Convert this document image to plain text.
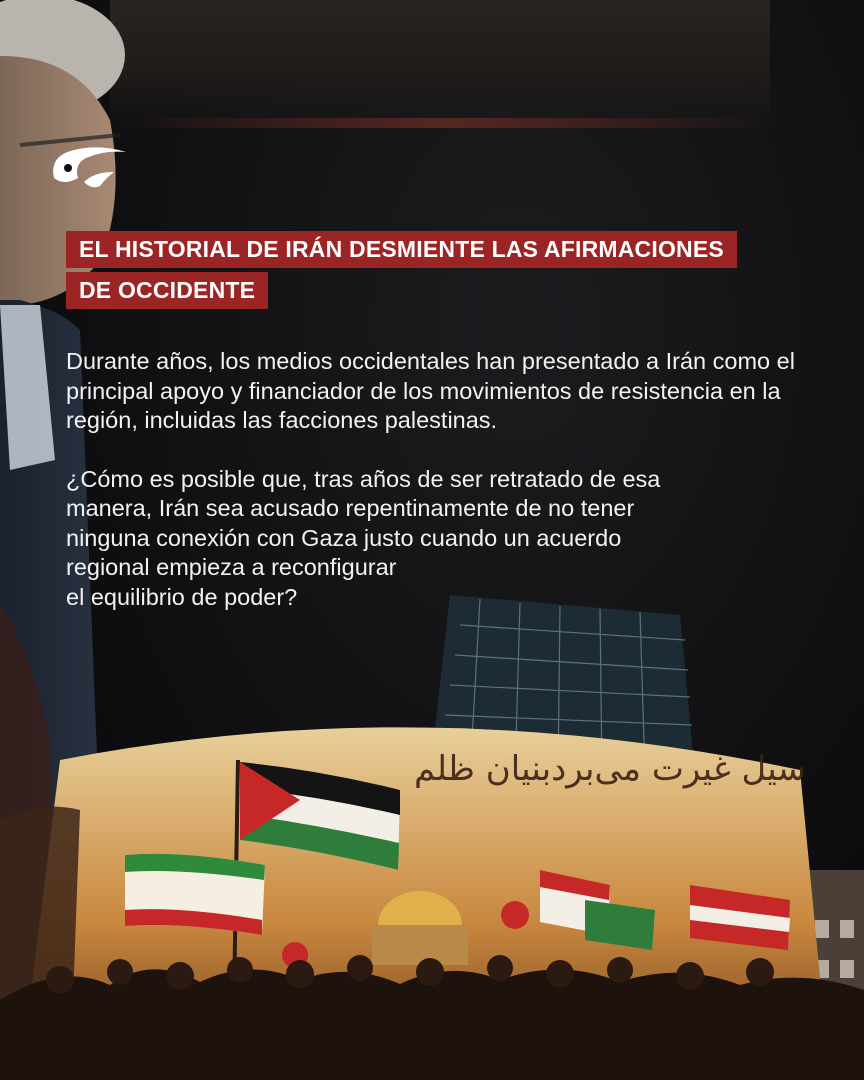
سیل غیرت می‌بردبنیان ظلم
EL HISTORIAL DE IRÁN DESMIENTE LAS AFIRMACIONES
DE OCCIDENTE

Durante años, los medios occidentales han presentado a Irán como el principal apoyo y financiador de los movimientos de resistencia en la región, incluidas las facciones palestinas.

¿Cómo es posible que, tras años de ser retratado de esa
manera, Irán sea acusado repentinamente de no tener
ninguna conexión con Gaza justo cuando un acuerdo
regional empieza a reconfigurar
el equilibrio de poder?
